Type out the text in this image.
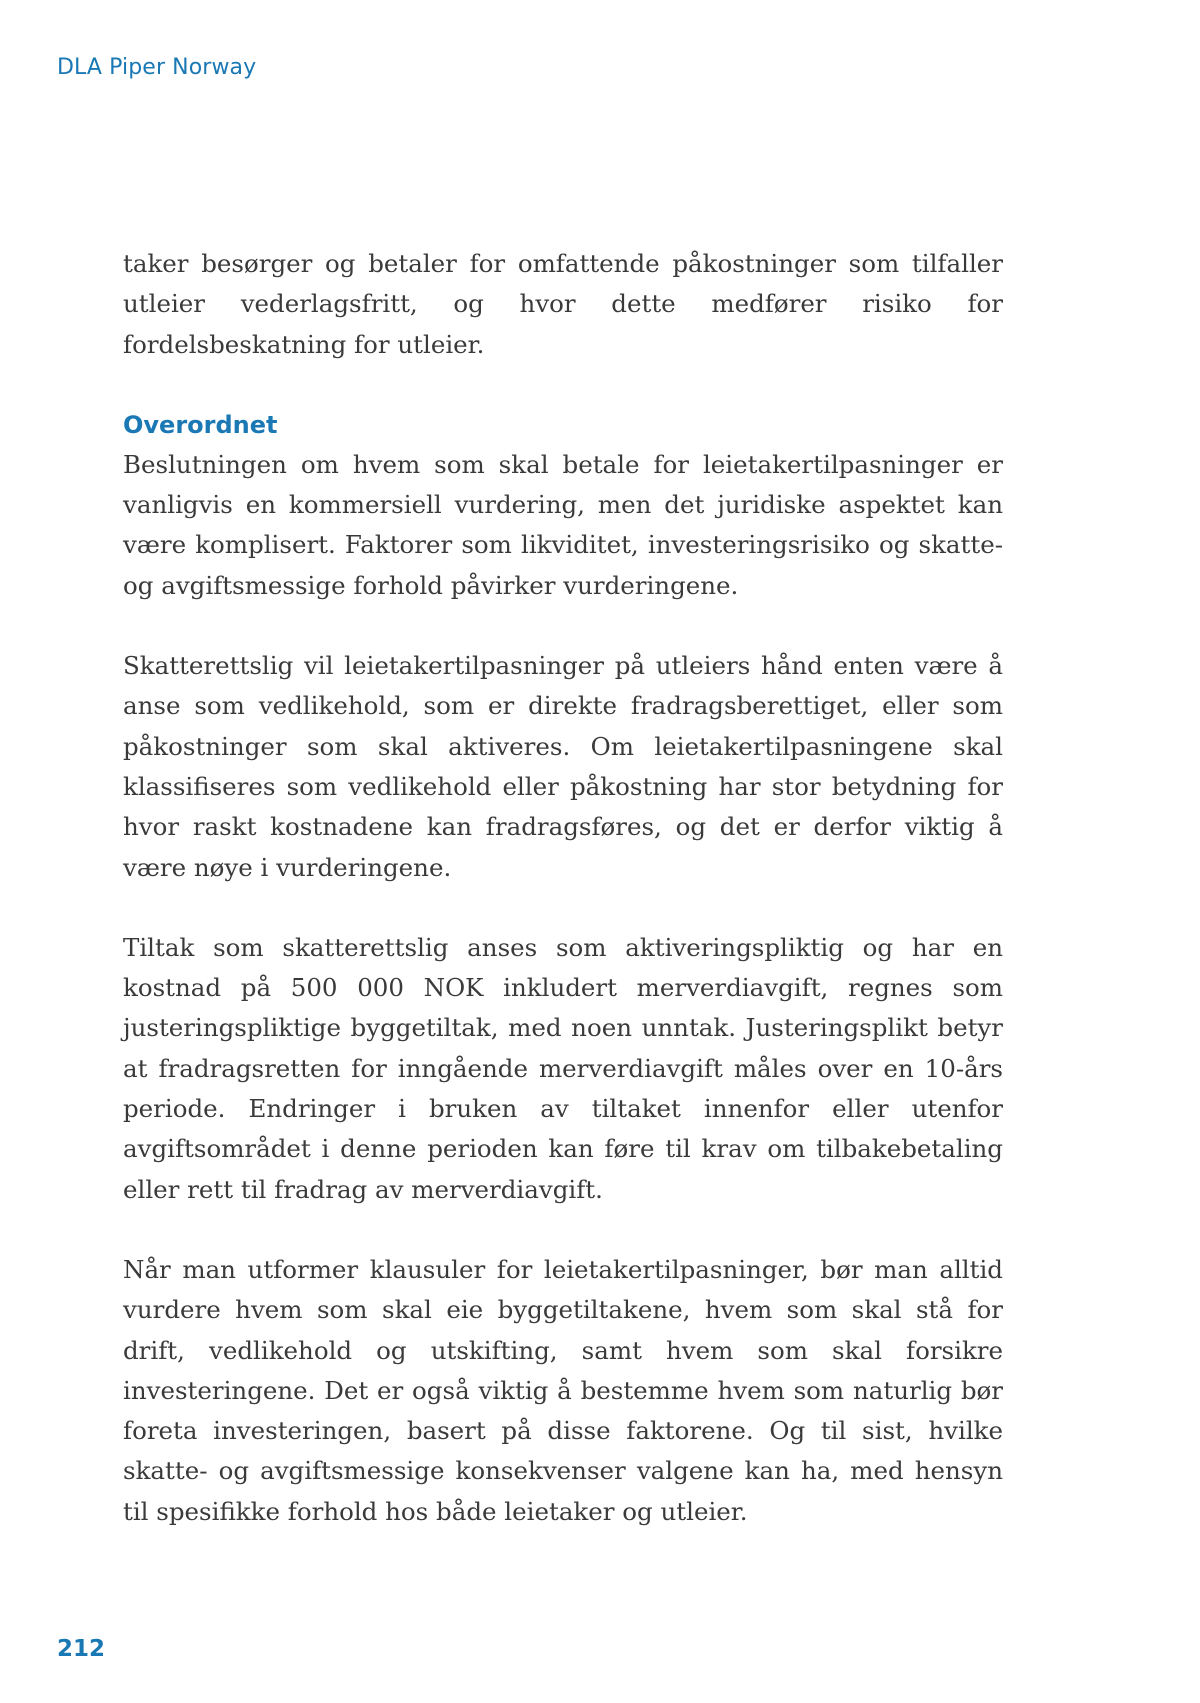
DLA Piper Norway

taker besørger og betaler for omfattende påkostninger som tilfaller utleier vederlagsfritt, og hvor dette medfører risiko for fordelsbeskatning for utleier.

Overordnet

Beslutningen om hvem som skal betale for leietakertilpasninger er vanligvis en kommersiell vurdering, men det juridiske aspektet kan være komplisert. Faktorer som likviditet, investeringsrisiko og skatte- og avgiftsmessige forhold påvirker vurderingene.

Skatterettslig vil leietakertilpasninger på utleiers hånd enten være å anse som vedlikehold, som er direkte fradragsberettiget, eller som påkostninger som skal aktiveres. Om leietakertilpasningene skal klassifiseres som vedlikehold eller påkostning har stor betydning for hvor raskt kostnadene kan fradragsføres, og det er derfor viktig å være nøye i vurderingene.

Tiltak som skatterettslig anses som aktiveringspliktig og har en kostnad på 500 000 NOK inkludert merverdiavgift, regnes som justeringspliktige byggetiltak, med noen unntak. Justeringsplikt betyr at fradragsretten for inngående merverdiavgift måles over en 10-års periode. Endringer i bruken av tiltaket innenfor eller utenfor avgiftsområdet i denne perioden kan føre til krav om tilbakebetaling eller rett til fradrag av merverdiavgift.

Når man utformer klausuler for leietakertilpasninger, bør man alltid vurdere hvem som skal eie byggetiltakene, hvem som skal stå for drift, vedlikehold og utskifting, samt hvem som skal forsikre investeringene. Det er også viktig å bestemme hvem som naturlig bør foreta investeringen, basert på disse faktorene. Og til sist, hvilke skatte- og avgiftsmessige konsekvenser valgene kan ha, med hensyn til spesifikke forhold hos både leietaker og utleier.

212
